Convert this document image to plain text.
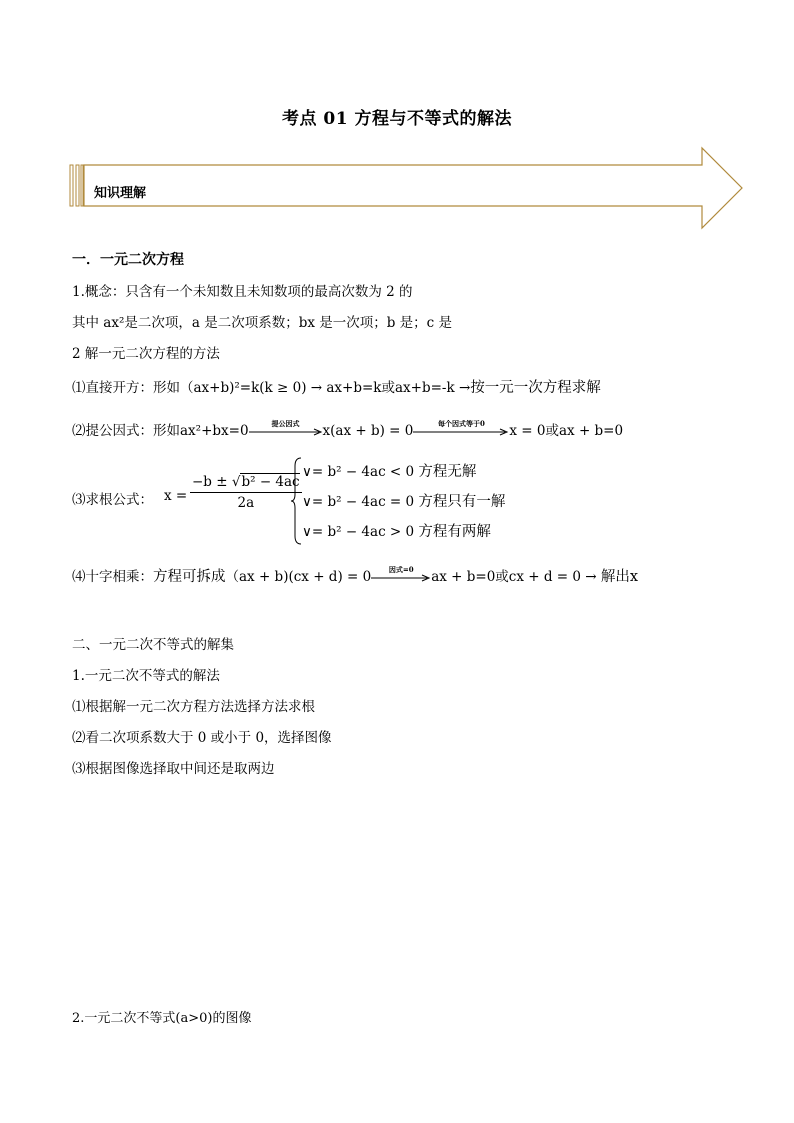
考点 01 方程与不等式的解法
知识理解
一．一元二次方程
1.概念：只含有一个未知数且未知数项的最高次数为 2 的
其中 ax²是二次项，a 是二次项系数；bx 是一次项；b 是；c 是
2 解一元二次方程的方法
⑴直接开方：形如（ax+b)²=k(k ≥ 0) → ax+b=k或ax+b=-k →按一元一次方程求解
⑵提公因式：形如ax²+bx=0	提公因式	x(ax + b) = 0	每个因式等于0	x = 0或ax + b=0
⑶求根公式： $x = \frac{\text{−b ± √b² − 4ac}}{2a}$
∨= b² − 4ac < 0 方程无解
∨= b² − 4ac = 0 方程只有一解
∨= b² − 4ac > 0 方程有两解
⑷十字相乘：方程可拆成（ax + b)(cx + d) = 0	因式=0	ax + b=0或cx + d = 0 → 解出x
二、一元二次不等式的解集
1.一元二次不等式的解法
⑴根据解一元二次方程方法选择方法求根
⑵看二次项系数大于 0 或小于 0，选择图像
⑶根据图像选择取中间还是取两边
2.一元二次不等式(a>0)的图像
